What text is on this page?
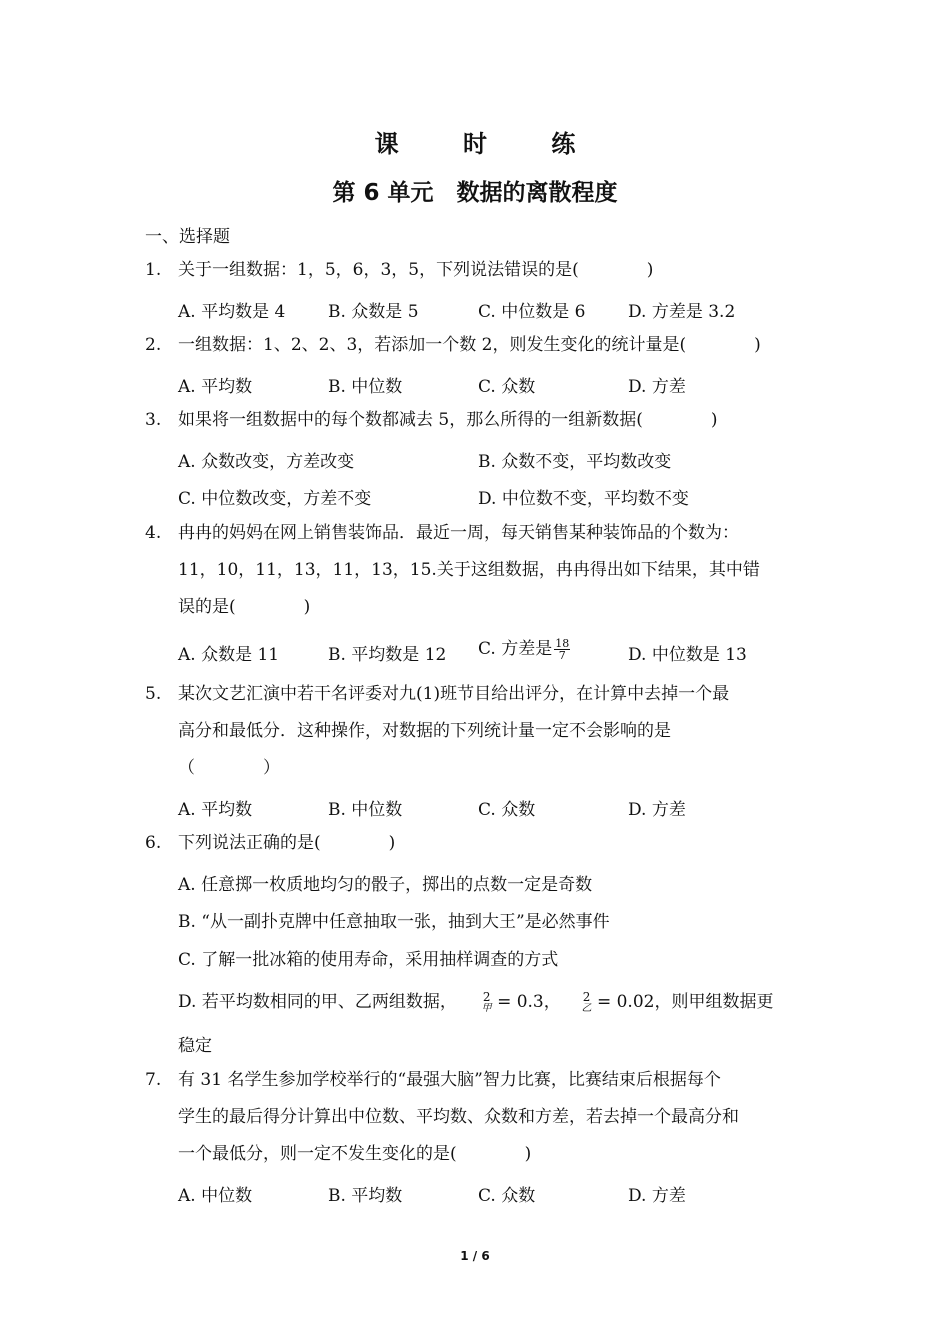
课 时 练
第 6 单元　数据的离散程度
一、选择题
1. 关于一组数据：1，5，6，3，5，下列说法错误的是(　　　　)
A. 平均数是 4	B. 众数是 5	C. 中位数是 6	D. 方差是 3.2
2. 一组数据：1、2、2、3，若添加一个数 2，则发生变化的统计量是(　　　　)
A. 平均数	B. 中位数	C. 众数	D. 方差
3. 如果将一组数据中的每个数都减去 5，那么所得的一组新数据(　　　　)
A. 众数改变，方差改变	B. 众数不变，平均数改变
C. 中位数改变，方差不变	D. 中位数不变，平均数不变
4. 冉冉的妈妈在网上销售装饰品．最近一周，每天销售某种装饰品的个数为：
11，10，11，13，11，13，15.关于这组数据，冉冉得出如下结果，其中错
误的是(　　　　)
A. 众数是 11	B. 平均数是 12 C. 方差是 $\frac{18}{7}$	D. 中位数是 13
5. 某次文艺汇演中若干名评委对九(1)班节目给出评分，在计算中去掉一个最
高分和最低分．这种操作，对数据的下列统计量一定不会影响的是
（　　　　）
A. 平均数	B. 中位数	C. 众数	D. 方差
6. 下列说法正确的是(　　　　)
A. 任意掷一枚质地均匀的骰子，掷出的点数一定是奇数
B. “从一副扑克牌中任意抽取一张，抽到大王”是必然事件
C. 了解一批冰箱的使用寿命，采用抽样调查的方式
D. 若平均数相同的甲、乙两组数据， 2
甲 = 0.3， 2
乙 = 0.02，则甲组数据更
稳定
7. 有 31 名学生参加学校举行的“最强大脑”智力比赛，比赛结束后根据每个
学生的最后得分计算出中位数、平均数、众数和方差，若去掉一个最高分和
一个最低分，则一定不发生变化的是(　　　　)
A. 中位数	B. 平均数	C. 众数	D. 方差
1 / 6
